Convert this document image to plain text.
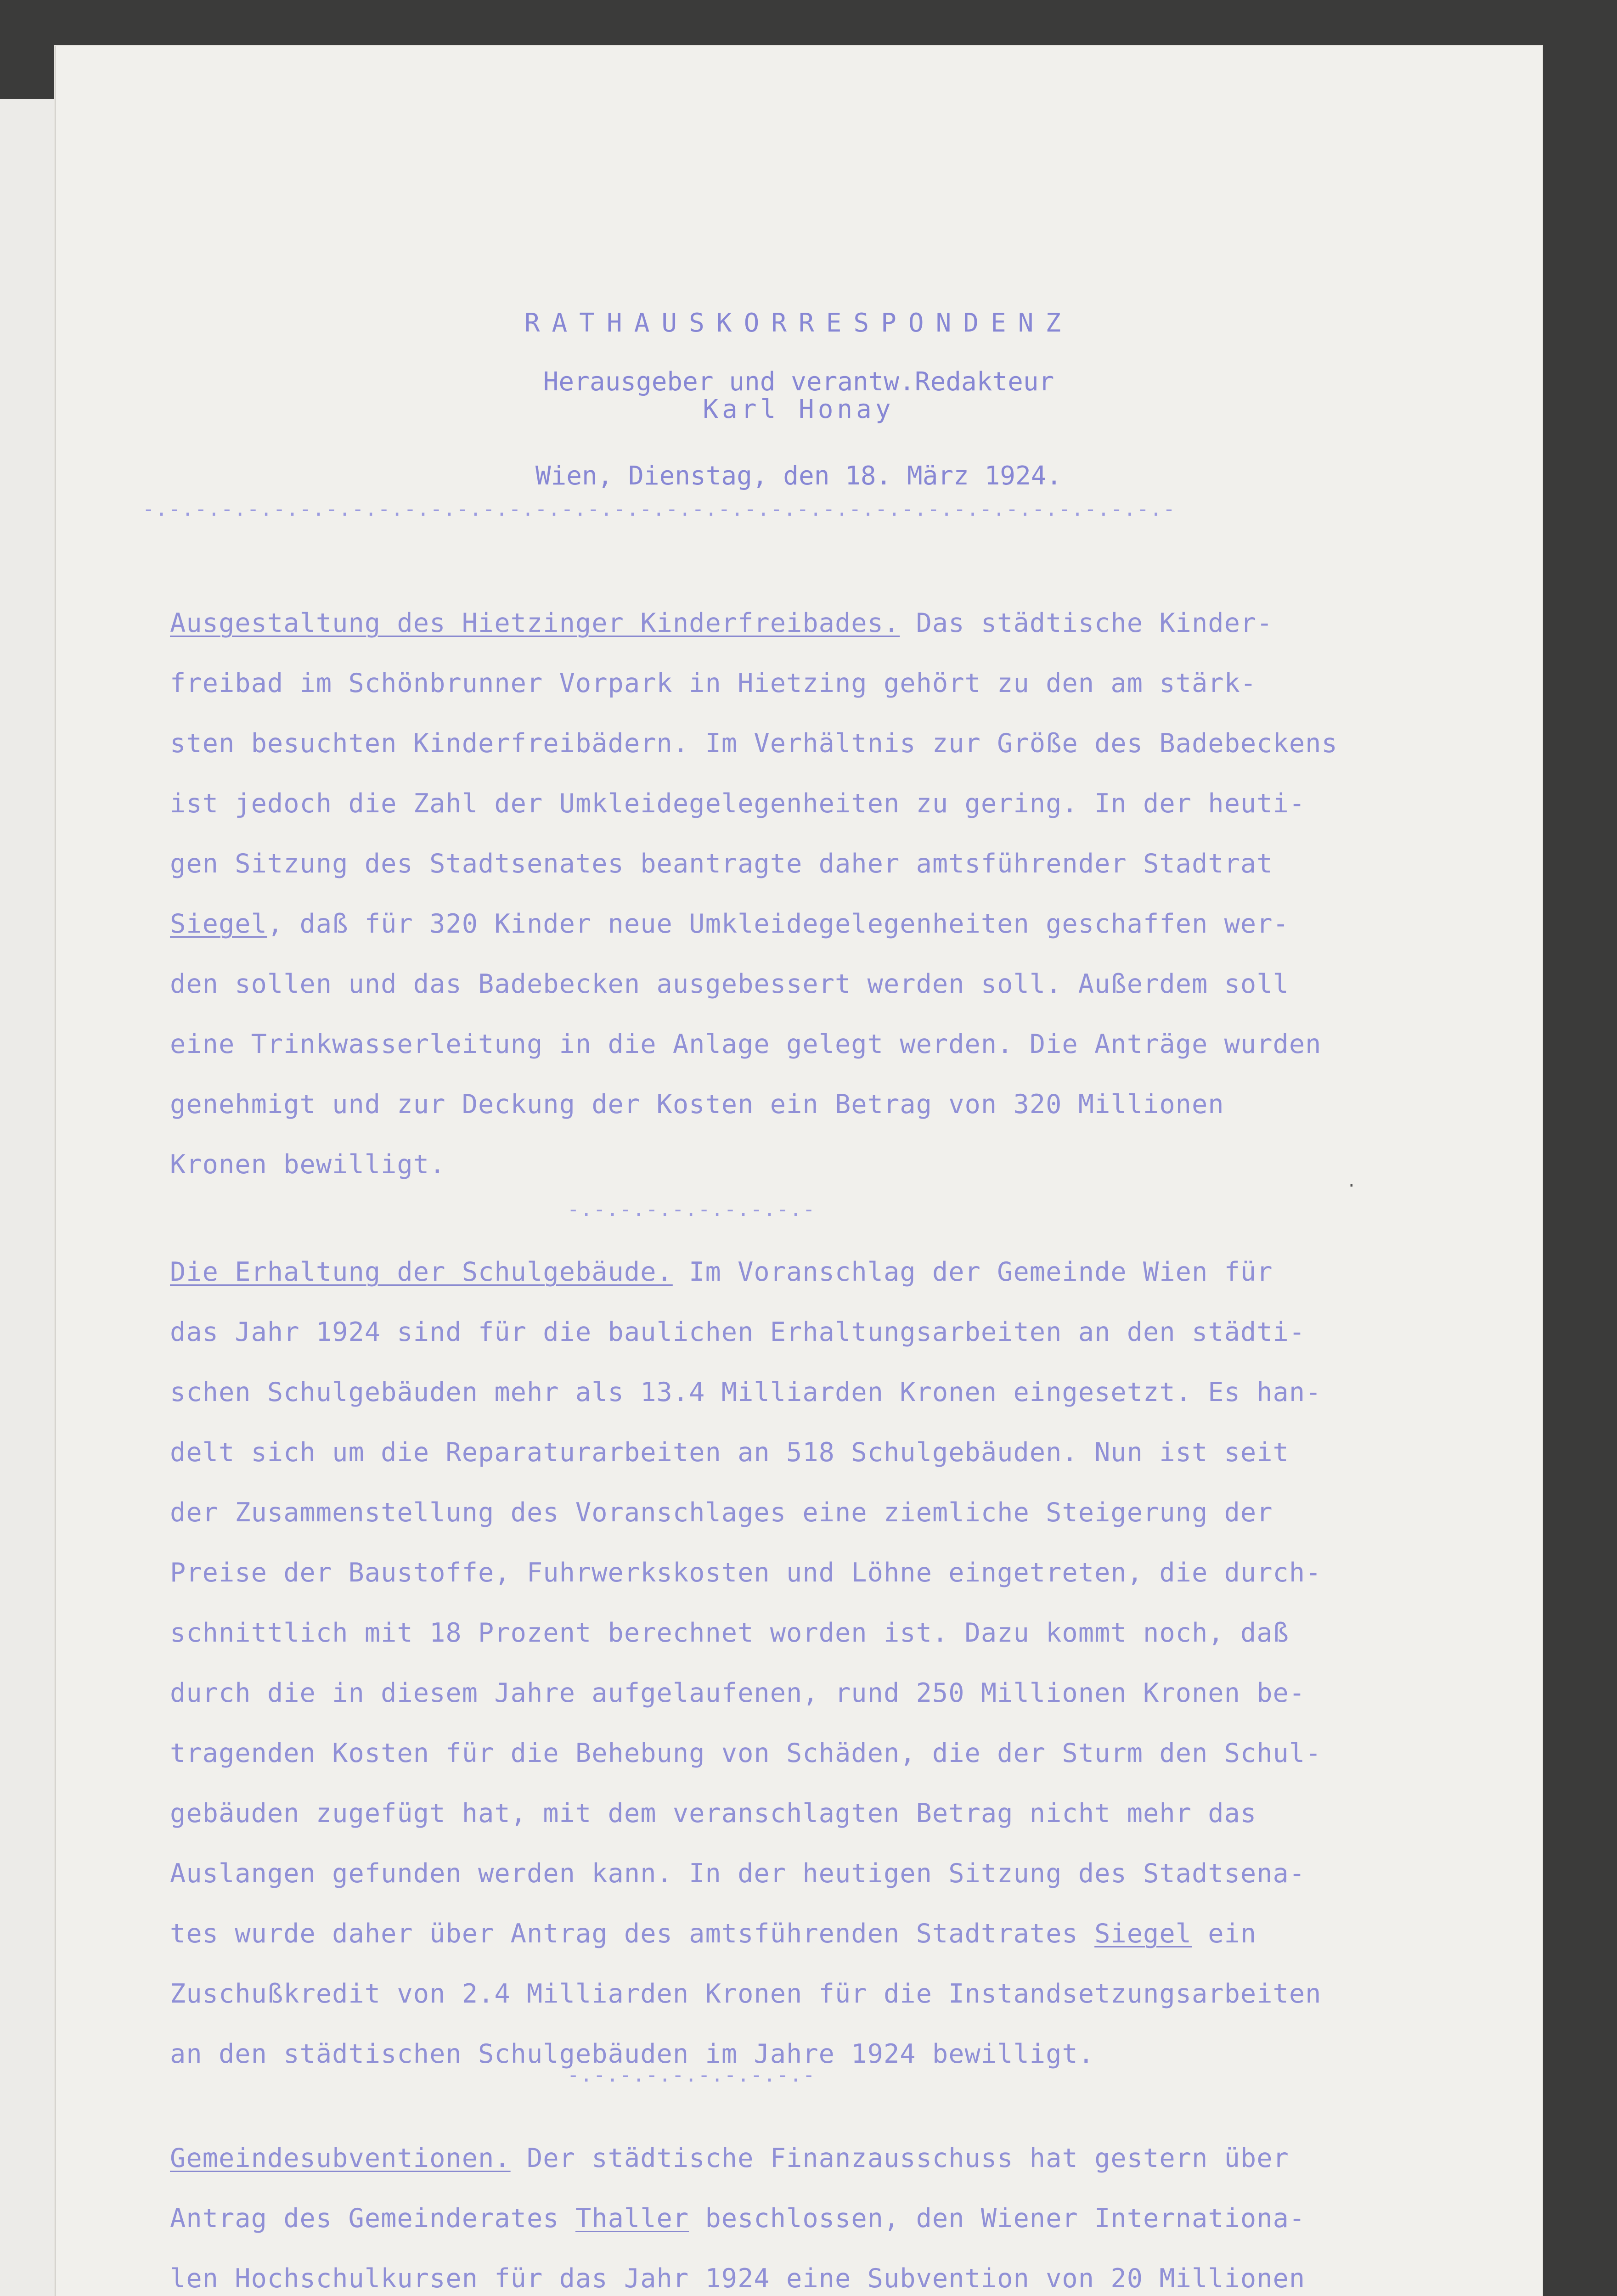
RATHAUSKORRESPONDENZ
Herausgeber und verantw.Redakteur
Karl Honay
Wien, Dienstag, den 18. März 1924.
-.-.-.-.-.-.-.-.-.-.-.-.-.-.-.-.-.-.-.-.-.-.-.-.-.-.-.-.-.-.-.-.-.-.-.-.-.-.-.-
Ausgestaltung des Hietzinger Kinderfreibades. Das städtische Kinder-
freibad im Schönbrunner Vorpark in Hietzing gehört zu den am stärk-
sten besuchten Kinderfreibädern. Im Verhältnis zur Größe des Badebeckens
ist jedoch die Zahl der Umkleidegelegenheiten zu gering. In der heuti-
gen Sitzung des Stadtsenates beantragte daher amtsführender Stadtrat
Siegel, daß für 320 Kinder neue Umkleidegelegenheiten geschaffen wer-
den sollen und das Badebecken ausgebessert werden soll. Außerdem soll
eine Trinkwasserleitung in die Anlage gelegt werden. Die Anträge wurden
genehmigt und zur Deckung der Kosten ein Betrag von 320 Millionen
Kronen bewilligt.
-.-.-.-.-.-.-.-.-.-
Die Erhaltung der Schulgebäude. Im Voranschlag der Gemeinde Wien für
das Jahr 1924 sind für die baulichen Erhaltungsarbeiten an den städti-
schen Schulgebäuden mehr als 13.4 Milliarden Kronen eingesetzt. Es han-
delt sich um die Reparaturarbeiten an 518 Schulgebäuden. Nun ist seit
der Zusammenstellung des Voranschlages eine ziemliche Steigerung der
Preise der Baustoffe, Fuhrwerkskosten und Löhne eingetreten, die durch-
schnittlich mit 18 Prozent berechnet worden ist. Dazu kommt noch, daß
durch die in diesem Jahre aufgelaufenen, rund 250 Millionen Kronen be-
tragenden Kosten für die Behebung von Schäden, die der Sturm den Schul-
gebäuden zugefügt hat, mit dem veranschlagten Betrag nicht mehr das
Auslangen gefunden werden kann. In der heutigen Sitzung des Stadtsena-
tes wurde daher über Antrag des amtsführenden Stadtrates Siegel ein
Zuschußkredit von 2.4 Milliarden Kronen für die Instandsetzungsarbeiten
an den städtischen Schulgebäuden im Jahre 1924 bewilligt.
-.-.-.-.-.-.-.-.-.-
Gemeindesubventionen. Der städtische Finanzausschuss hat gestern über
Antrag des Gemeinderates Thaller beschlossen, den Wiener Internationa-
len Hochschulkursen für das Jahr 1924 eine Subvention von 20 Millionen
·
